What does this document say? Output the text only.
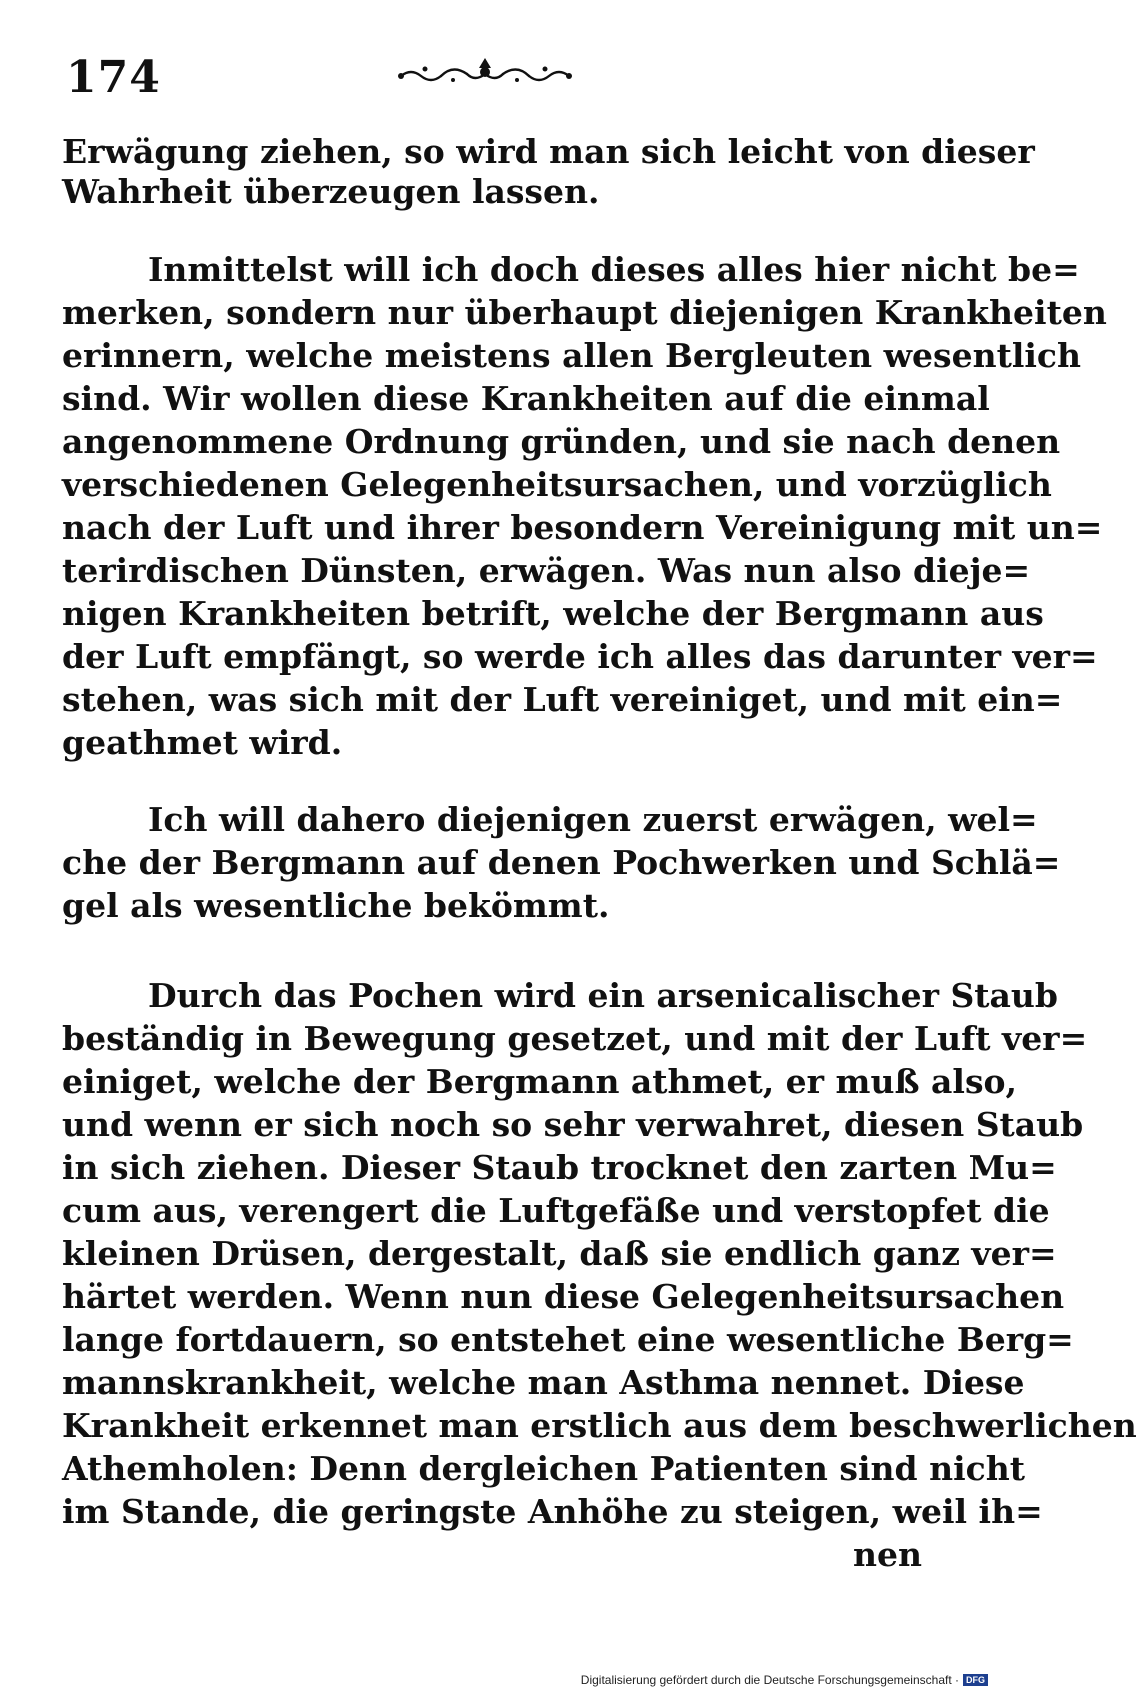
174
Erwägung ziehen, so wird man sich leicht von dieser
Wahrheit überzeugen lassen.
Inmittelst will ich doch dieses alles hier nicht be=
merken, sondern nur überhaupt diejenigen Krankheiten
erinnern, welche meistens allen Bergleuten wesentlich
sind. Wir wollen diese Krankheiten auf die einmal
angenommene Ordnung gründen, und sie nach denen
verschiedenen Gelegenheitsursachen, und vorzüglich
nach der Luft und ihrer besondern Vereinigung mit un=
terirdischen Dünsten, erwägen. Was nun also dieje=
nigen Krankheiten betrift, welche der Bergmann aus
der Luft empfängt, so werde ich alles das darunter ver=
stehen, was sich mit der Luft vereiniget, und mit ein=
geathmet wird.
Ich will dahero diejenigen zuerst erwägen, wel=
che der Bergmann auf denen Pochwerken und Schlä=
gel als wesentliche bekömmt.
Durch das Pochen wird ein arsenicalischer Staub
beständig in Bewegung gesetzet, und mit der Luft ver=
einiget, welche der Bergmann athmet, er muß also,
und wenn er sich noch so sehr verwahret, diesen Staub
in sich ziehen. Dieser Staub trocknet den zarten Mu=
cum aus, verengert die Luftgefäße und verstopfet die
kleinen Drüsen, dergestalt, daß sie endlich ganz ver=
härtet werden. Wenn nun diese Gelegenheitsursachen
lange fortdauern, so entstehet eine wesentliche Berg=
mannskrankheit, welche man Asthma nennet. Diese
Krankheit erkennet man erstlich aus dem beschwerlichen
Athemholen: Denn dergleichen Patienten sind nicht
im Stande, die geringste Anhöhe zu steigen, weil ih=
nen
Digitalisierung gefördert durch die Deutsche Forschungsgemeinschaft · DFG
